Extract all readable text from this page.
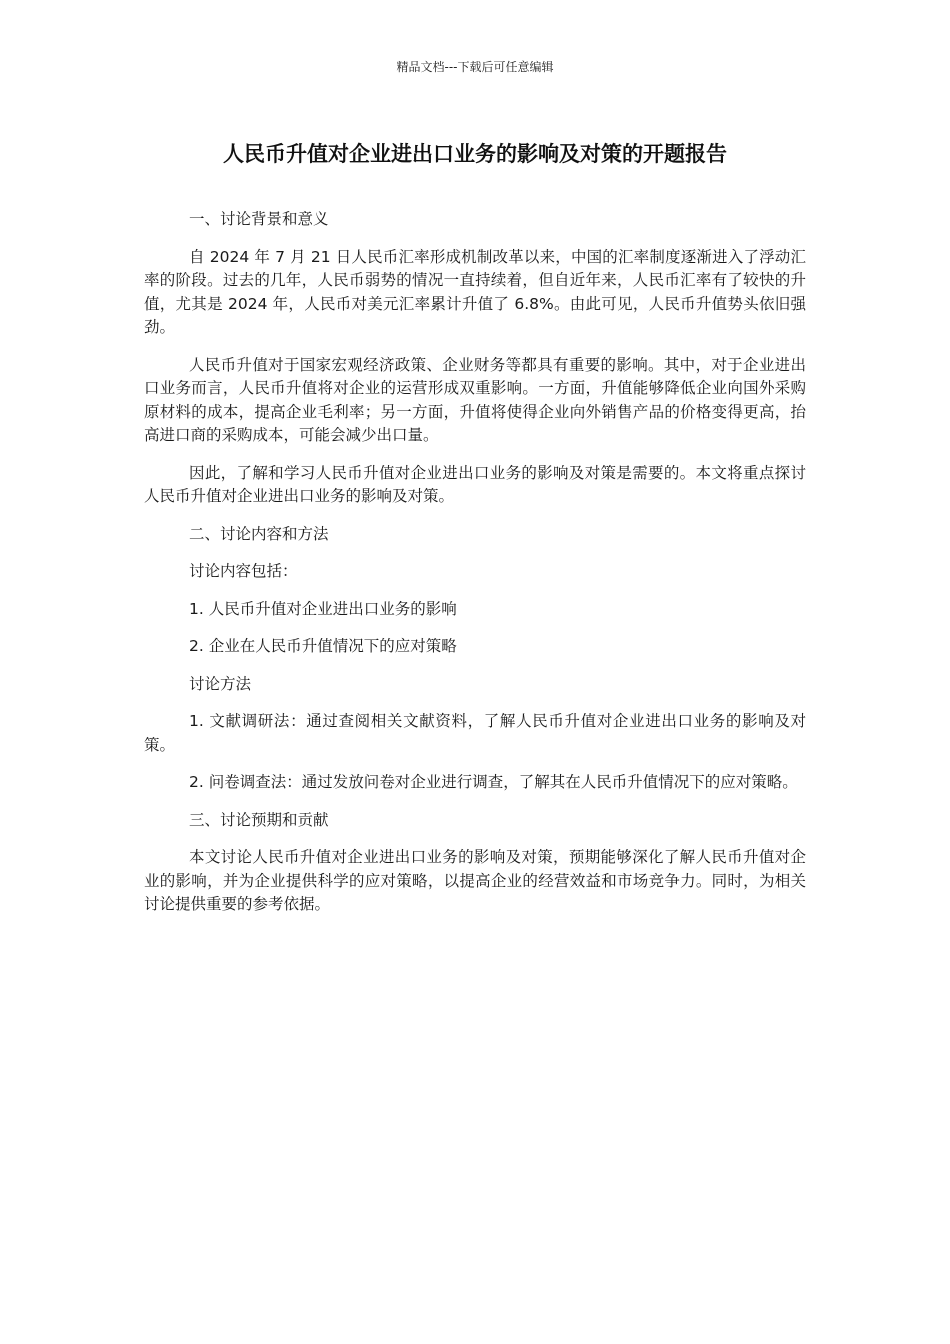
精品文档---下载后可任意编辑
人民币升值对企业进出口业务的影响及对策的开题报告

一、讨论背景和意义

自 2024 年 7 月 21 日人民币汇率形成机制改革以来，中国的汇率制度逐渐进入了浮动汇率的阶段。过去的几年，人民币弱势的情况一直持续着，但自近年来，人民币汇率有了较快的升值，尤其是 2024 年，人民币对美元汇率累计升值了 6.8%。由此可见，人民币升值势头依旧强劲。

人民币升值对于国家宏观经济政策、企业财务等都具有重要的影响。其中，对于企业进出口业务而言，人民币升值将对企业的运营形成双重影响。一方面，升值能够降低企业向国外采购原材料的成本，提高企业毛利率；另一方面，升值将使得企业向外销售产品的价格变得更高，抬高进口商的采购成本，可能会减少出口量。

因此，了解和学习人民币升值对企业进出口业务的影响及对策是需要的。本文将重点探讨人民币升值对企业进出口业务的影响及对策。

二、讨论内容和方法

讨论内容包括：

1. 人民币升值对企业进出口业务的影响

2. 企业在人民币升值情况下的应对策略

讨论方法

1. 文献调研法：通过查阅相关文献资料，了解人民币升值对企业进出口业务的影响及对策。

2. 问卷调查法：通过发放问卷对企业进行调查，了解其在人民币升值情况下的应对策略。

三、讨论预期和贡献

本文讨论人民币升值对企业进出口业务的影响及对策，预期能够深化了解人民币升值对企业的影响，并为企业提供科学的应对策略，以提高企业的经营效益和市场竞争力。同时，为相关讨论提供重要的参考依据。
